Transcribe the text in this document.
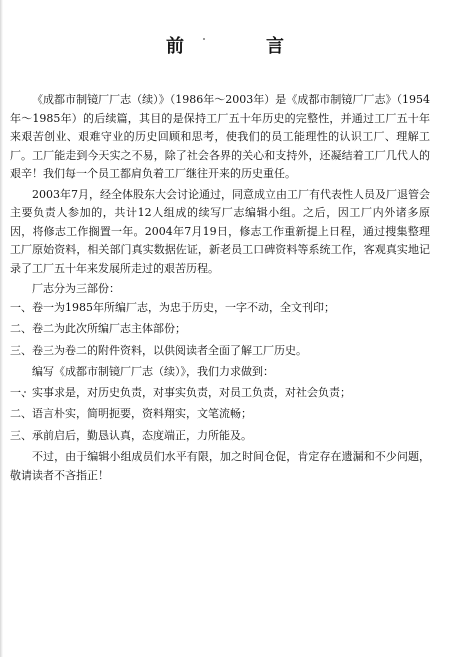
前　言

《成都市制镜厂厂志（续）》（1986年～2003年）是《成都市制镜厂厂志》（1954年～1985年）的后续篇，其目的是保持工厂五十年历史的完整性，并通过工厂五十年来艰苦创业、艰难守业的历史回顾和思考，使我们的员工能理性的认识工厂、理解工厂。工厂能走到今天实之不易，除了社会各界的关心和支持外，还凝结着工厂几代人的艰辛！我们每一个员工都肩负着工厂继往开来的历史重任。

2003年7月，经全体股东大会讨论通过，同意成立由工厂有代表性人员及厂退管会主要负责人参加的，共计12人组成的续写厂志编辑小组。之后，因工厂内外诸多原因，将修志工作搁置一年。2004年7月19日，修志工作重新提上日程，通过搜集整理工厂原始资料，相关部门真实数据佐证，新老员工口碑资料等系统工作，客观真实地记录了工厂五十年来发展所走过的艰苦历程。

厂志分为三部份：

一、卷一为1985年所编厂志，为忠于历史，一字不动，全文刊印；

二、卷二为此次所编厂志主体部份；

三、卷三为卷二的附件资料，以供阅读者全面了解工厂历史。

编写《成都市制镜厂厂志（续）》，我们力求做到：

一、实事求是，对历史负责，对事实负责，对员工负责，对社会负责；

二、语言朴实，简明扼要，资料翔实，文笔流畅；

三、承前启后，勤恳认真，态度端正，力所能及。

不过，由于编辑小组成员们水平有限，加之时间仓促，肯定存在遗漏和不少问题，敬请读者不吝指正！
